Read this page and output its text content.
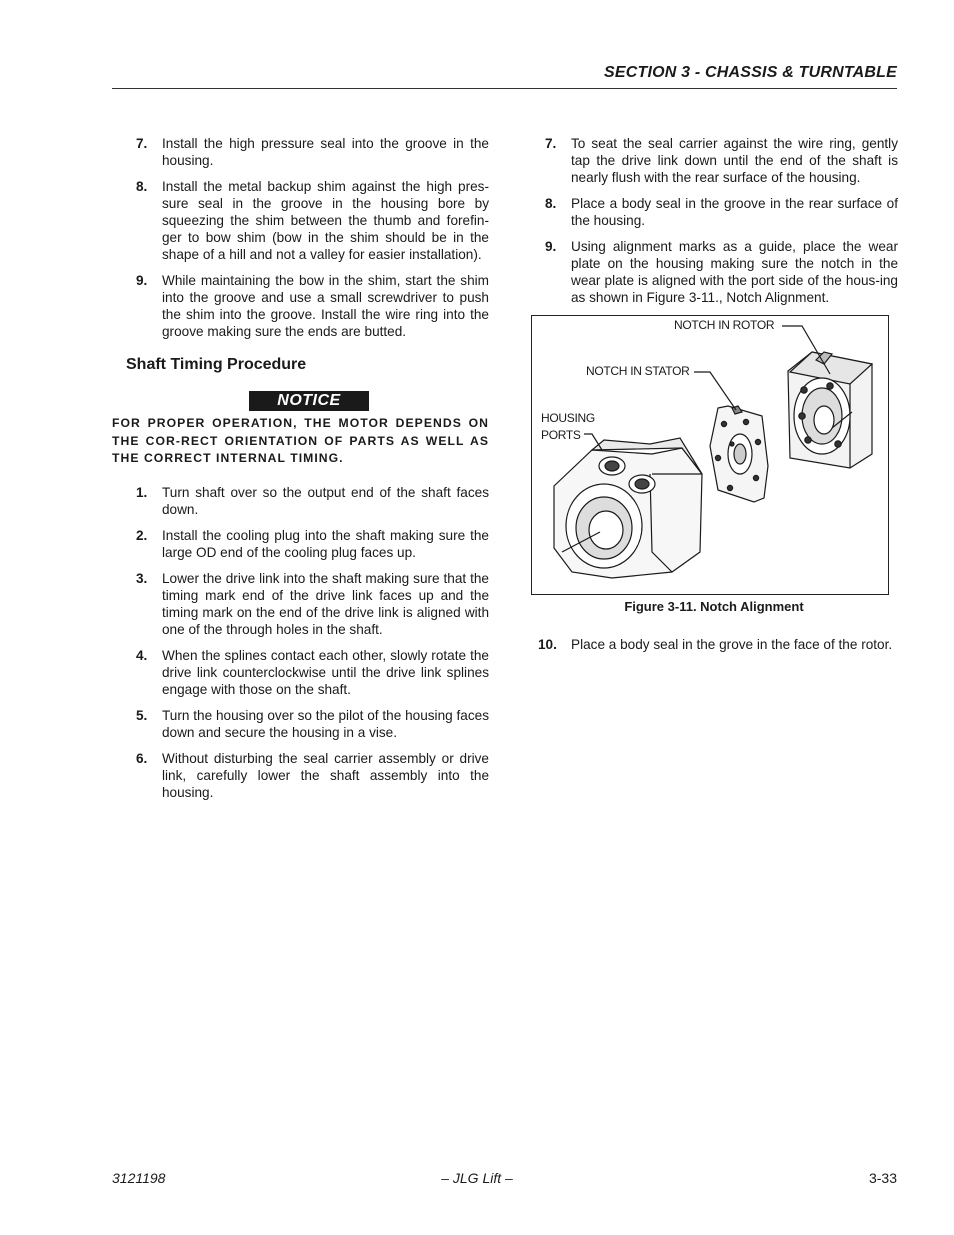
SECTION 3 - CHASSIS & TURNTABLE
7. Install the high pressure seal into the groove in the housing.
8. Install the metal backup shim against the high pres-sure seal in the groove in the housing bore by squeezing the shim between the thumb and forefin-ger to bow shim (bow in the shim should be in the shape of a hill and not a valley for easier installation).
9. While maintaining the bow in the shim, start the shim into the groove and use a small screwdriver to push the shim into the groove. Install the wire ring into the groove making sure the ends are butted.
Shaft Timing Procedure
NOTICE
FOR PROPER OPERATION, THE MOTOR DEPENDS ON THE COR-RECT ORIENTATION OF PARTS AS WELL AS THE CORRECT INTERNAL TIMING.
1. Turn shaft over so the output end of the shaft faces down.
2. Install the cooling plug into the shaft making sure the large OD end of the cooling plug faces up.
3. Lower the drive link into the shaft making sure that the timing mark end of the drive link faces up and the timing mark on the end of the drive link is aligned with one of the through holes in the shaft.
4. When the splines contact each other, slowly rotate the drive link counterclockwise until the drive link splines engage with those on the shaft.
5. Turn the housing over so the pilot of the housing faces down and secure the housing in a vise.
6. Without disturbing the seal carrier assembly or drive link, carefully lower the shaft assembly into the housing.
7. To seat the seal carrier against the wire ring, gently tap the drive link down until the end of the shaft is nearly flush with the rear surface of the housing.
8. Place a body seal in the groove in the rear surface of the housing.
9. Using alignment marks as a guide, place the wear plate on the housing making sure the notch in the wear plate is aligned with the port side of the hous-ing as shown in Figure 3-11., Notch Alignment.
NOTCH IN ROTOR
NOTCH IN STATOR
HOUSING
PORTS
Figure 3-11. Notch Alignment
10. Place a body seal in the grove in the face of the rotor.
3121198	– JLG Lift –	3-33
